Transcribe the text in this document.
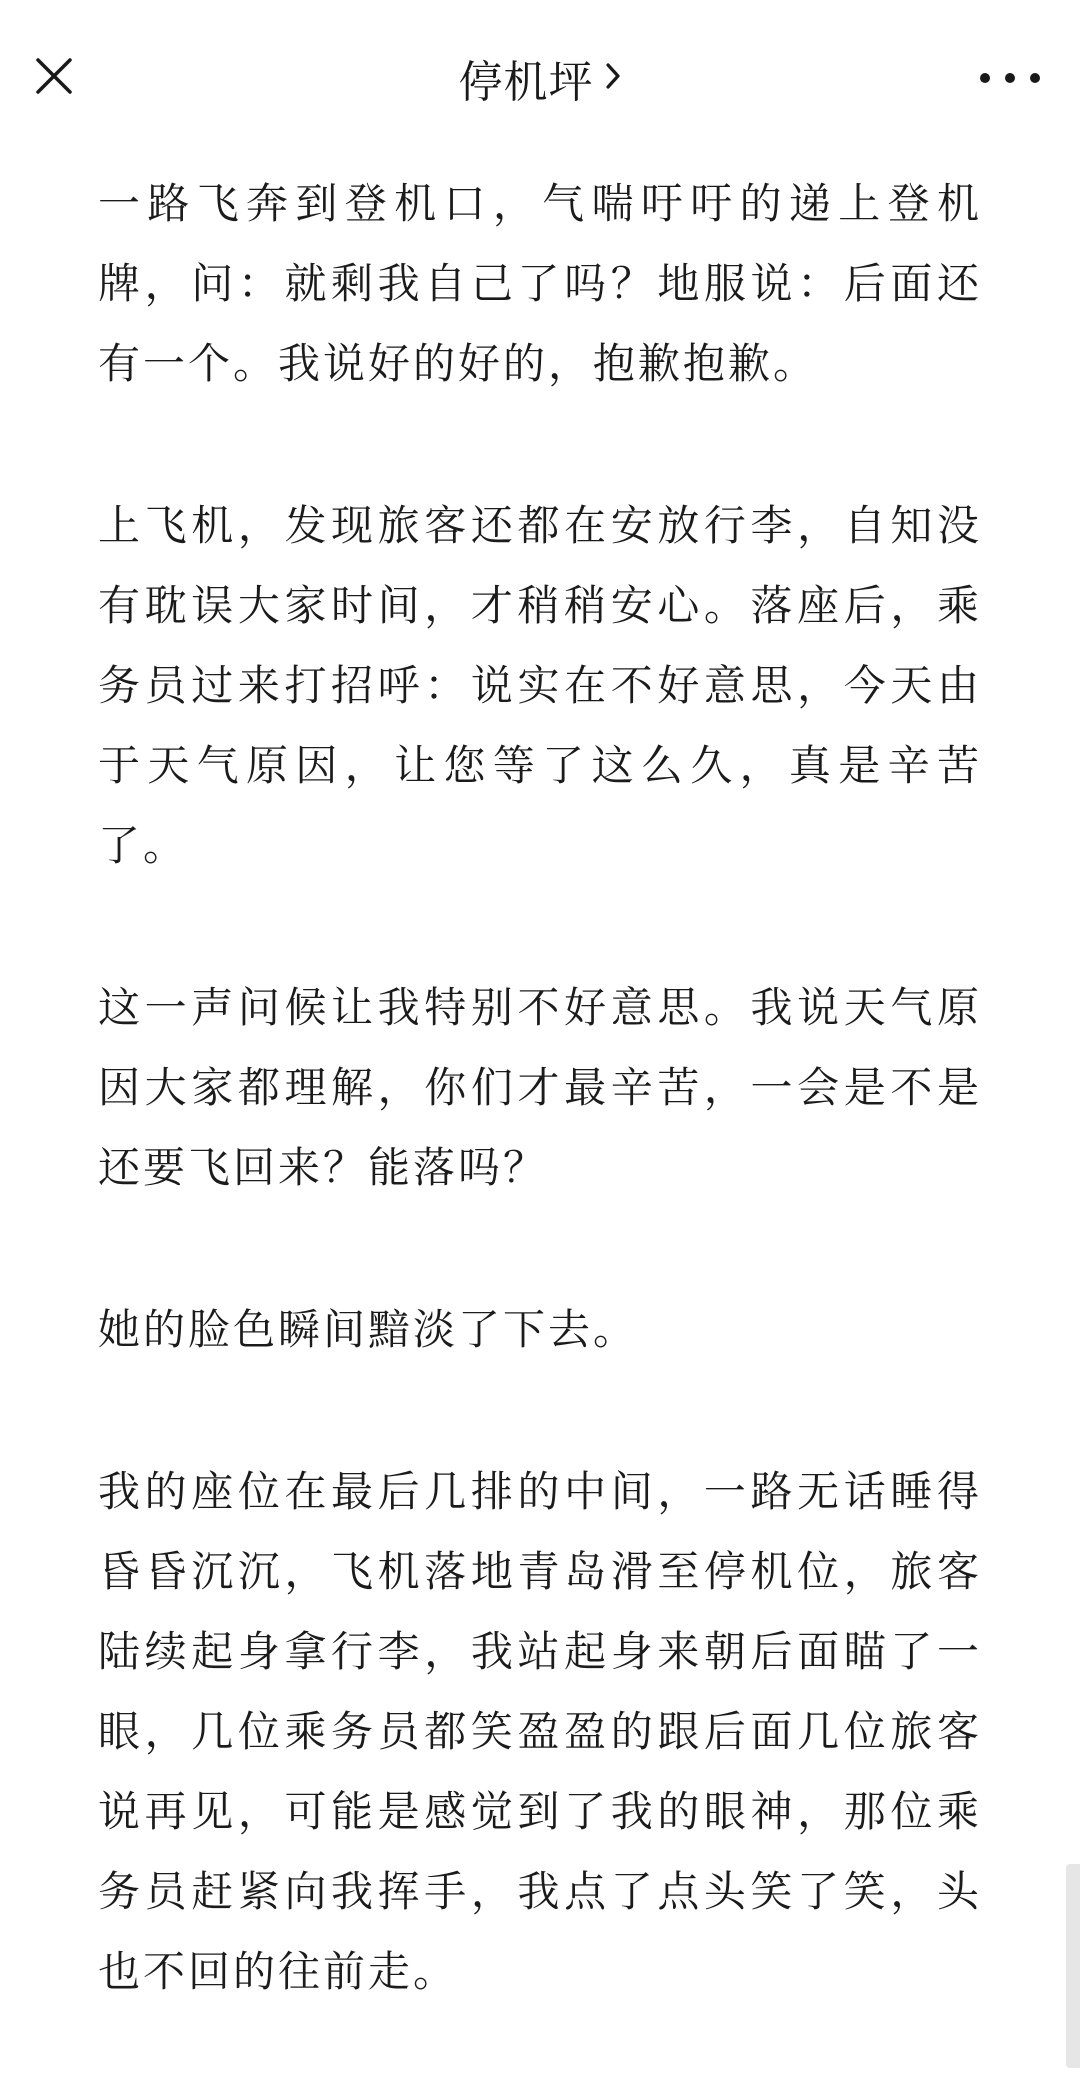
停机坪

一路飞奔到登机口，气喘吁吁的递上登机牌，问：就剩我自己了吗？地服说：后面还有一个。我说好的好的，抱歉抱歉。

上飞机，发现旅客还都在安放行李，自知没有耽误大家时间，才稍稍安心。落座后，乘务员过来打招呼：说实在不好意思，今天由于天气原因，让您等了这么久，真是辛苦了。

这一声问候让我特别不好意思。我说天气原因大家都理解，你们才最辛苦，一会是不是还要飞回来？能落吗？

她的脸色瞬间黯淡了下去。

我的座位在最后几排的中间，一路无话睡得昏昏沉沉，飞机落地青岛滑至停机位，旅客陆续起身拿行李，我站起身来朝后面瞄了一眼，几位乘务员都笑盈盈的跟后面几位旅客说再见，可能是感觉到了我的眼神，那位乘务员赶紧向我挥手，我点了点头笑了笑，头也不回的往前走。
